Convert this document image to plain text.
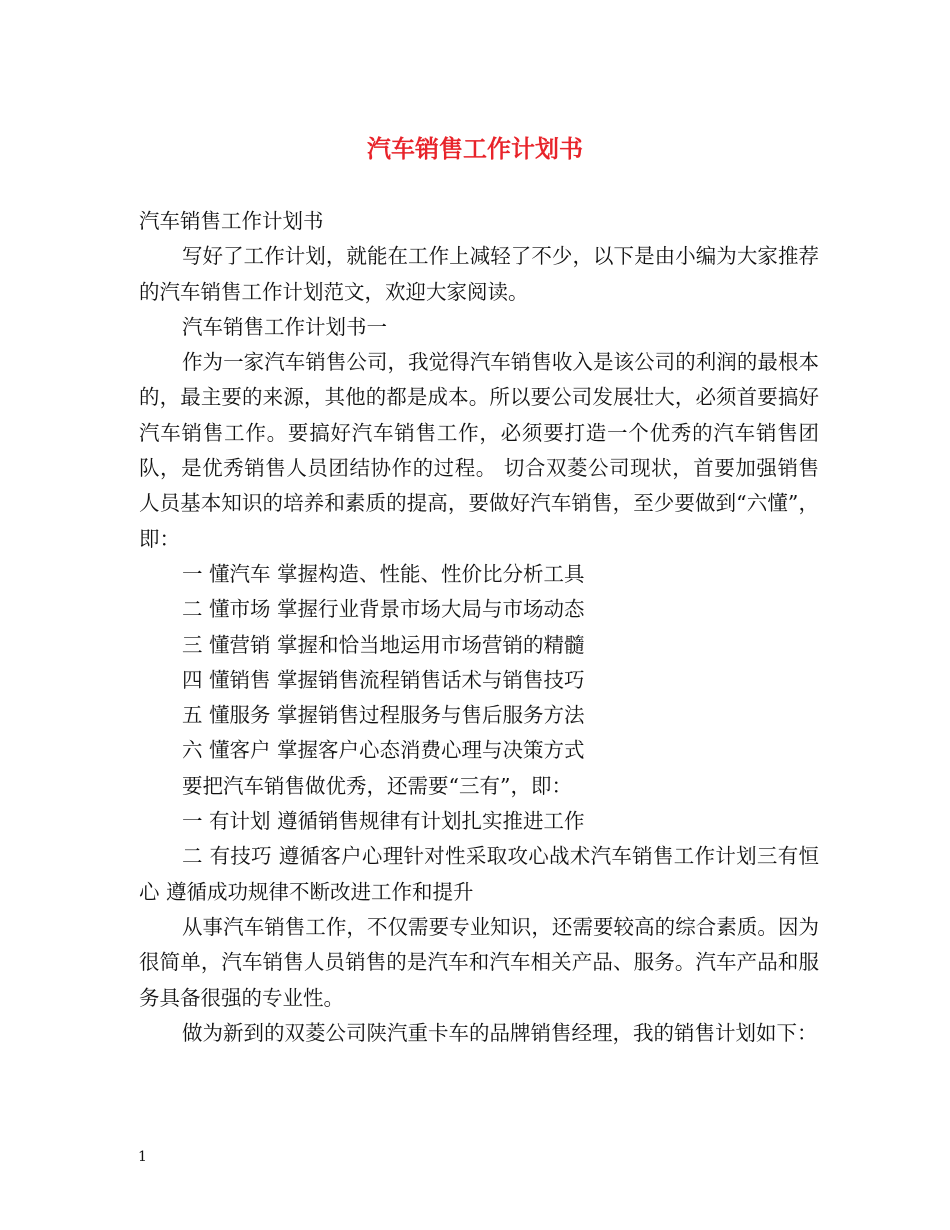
汽车销售工作计划书

汽车销售工作计划书

写好了工作计划，就能在工作上减轻了不少，以下是由小编为大家推荐的汽车销售工作计划范文，欢迎大家阅读。

汽车销售工作计划书一

作为一家汽车销售公司，我觉得汽车销售收入是该公司的利润的最根本的，最主要的来源，其他的都是成本。所以要公司发展壮大，必须首要搞好汽车销售工作。要搞好汽车销售工作，必须要打造一个优秀的汽车销售团队，是优秀销售人员团结协作的过程。 切合双菱公司现状，首要加强销售人员基本知识的培养和素质的提高，要做好汽车销售，至少要做到“六懂”，即：

一 懂汽车 掌握构造、性能、性价比分析工具

二 懂市场 掌握行业背景市场大局与市场动态

三 懂营销 掌握和恰当地运用市场营销的精髓

四 懂销售 掌握销售流程销售话术与销售技巧

五 懂服务 掌握销售过程服务与售后服务方法

六 懂客户 掌握客户心态消费心理与决策方式

要把汽车销售做优秀，还需要“三有”，即：

一 有计划 遵循销售规律有计划扎实推进工作

二 有技巧 遵循客户心理针对性采取攻心战术汽车销售工作计划三有恒心 遵循成功规律不断改进工作和提升

从事汽车销售工作，不仅需要专业知识，还需要较高的综合素质。因为很简单，汽车销售人员销售的是汽车和汽车相关产品、服务。汽车产品和服务具备很强的专业性。

做为新到的双菱公司陕汽重卡车的品牌销售经理，我的销售计划如下：

1
